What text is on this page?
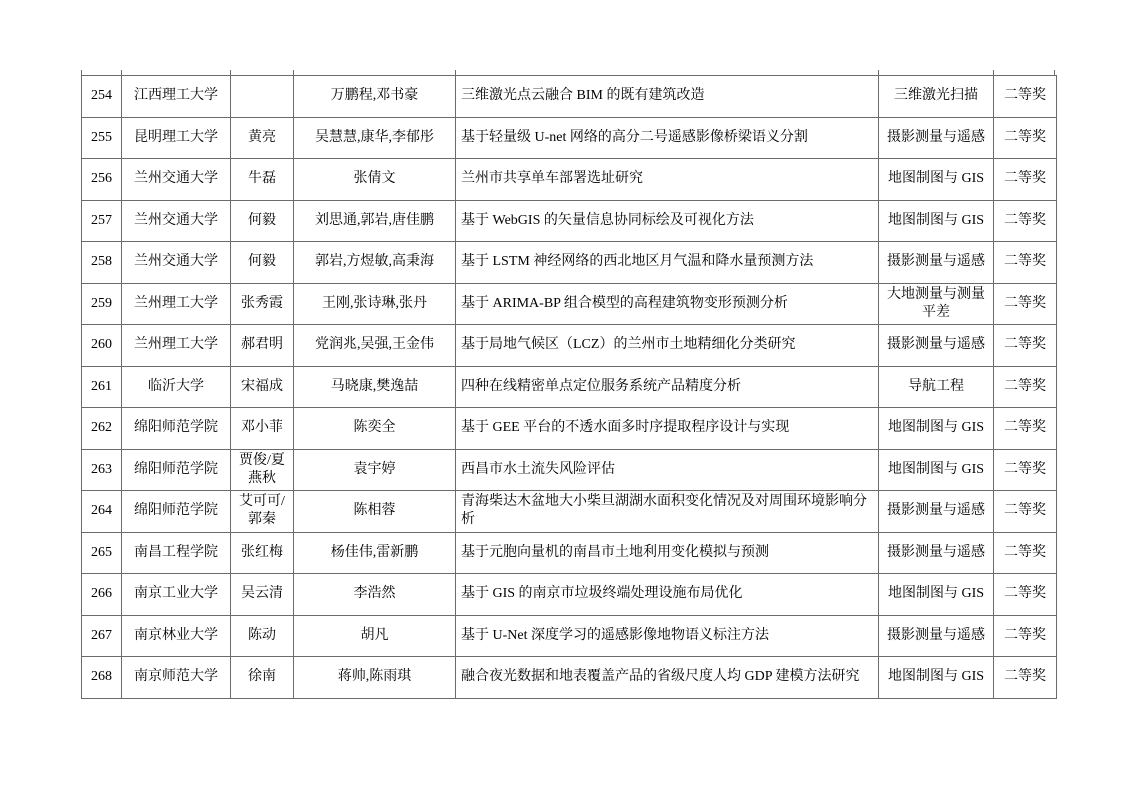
254	江西理工大学		万鹏程,邓书豪	三维激光点云融合 BIM 的既有建筑改造	三维激光扫描	二等奖
255	昆明理工大学	黄亮	吴慧慧,康华,李郁彤	基于轻量级 U-net 网络的高分二号遥感影像桥梁语义分割	摄影测量与遥感	二等奖
256	兰州交通大学	牛磊	张倩文	兰州市共享单车部署选址研究	地图制图与 GIS	二等奖
257	兰州交通大学	何毅	刘思通,郭岩,唐佳鹏	基于 WebGIS 的矢量信息协同标绘及可视化方法	地图制图与 GIS	二等奖
258	兰州交通大学	何毅	郭岩,方煜敏,高秉海	基于 LSTM 神经网络的西北地区月气温和降水量预测方法	摄影测量与遥感	二等奖
259	兰州理工大学	张秀霞	王刚,张诗琳,张丹	基于 ARIMA-BP 组合模型的高程建筑物变形预测分析	大地测量与测量平差	二等奖
260	兰州理工大学	郝君明	党润兆,吴强,王金伟	基于局地气候区（LCZ）的兰州市土地精细化分类研究	摄影测量与遥感	二等奖
261	临沂大学	宋福成	马晓康,樊逸喆	四种在线精密单点定位服务系统产品精度分析	导航工程	二等奖
262	绵阳师范学院	邓小菲	陈奕全	基于 GEE 平台的不透水面多时序提取程序设计与实现	地图制图与 GIS	二等奖
263	绵阳师范学院	贾俊/夏燕秋	袁宇婷	西昌市水土流失风险评估	地图制图与 GIS	二等奖
264	绵阳师范学院	艾可可/郭秦	陈相蓉	青海柴达木盆地大小柴旦湖湖水面积变化情况及对周围环境影响分析	摄影测量与遥感	二等奖
265	南昌工程学院	张红梅	杨佳伟,雷新鹏	基于元胞向量机的南昌市土地利用变化模拟与预测	摄影测量与遥感	二等奖
266	南京工业大学	吴云清	李浩然	基于 GIS 的南京市垃圾终端处理设施布局优化	地图制图与 GIS	二等奖
267	南京林业大学	陈动	胡凡	基于 U-Net 深度学习的遥感影像地物语义标注方法	摄影测量与遥感	二等奖
268	南京师范大学	徐南	蒋帅,陈雨琪	融合夜光数据和地表覆盖产品的省级尺度人均 GDP 建模方法研究	地图制图与 GIS	二等奖
